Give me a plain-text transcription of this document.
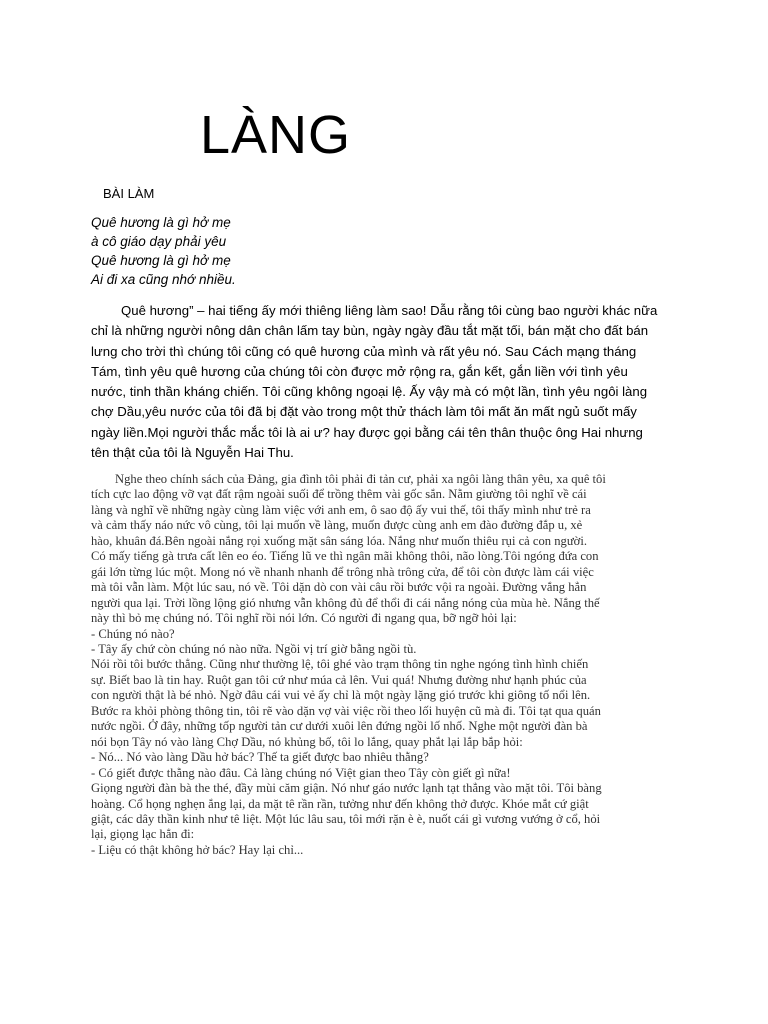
LÀNG

BÀI LÀM

Quê hương là gì hở mẹ
à cô giáo dạy phải yêu
Quê hương là gì hở mẹ
Ai đi xa cũng nhớ nhiều.
Quê hương” – hai tiếng ấy mới thiêng liêng làm sao! Dẫu rằng tôi cùng bao người khác nữa
chỉ là những người nông dân chân lấm tay bùn, ngày ngày đầu tắt mặt tối, bán mặt cho đất bán
lưng cho trời thì chúng tôi cũng có quê hương của mình và rất yêu nó. Sau Cách mạng tháng
Tám, tình yêu quê hương của chúng tôi còn được mở rộng ra, gắn kết, gắn liền với tình yêu
nước, tinh thần kháng chiến. Tôi cũng không ngoại lệ. Ấy vậy mà có một lần, tình yêu ngôi làng
chợ Dầu,yêu nước của tôi đã bị đặt vào trong một thử thách làm tôi mất ăn mất ngủ suốt mấy
ngày liền.Mọi người thắc mắc tôi là ai ư? hay được gọi bằng cái tên thân thuộc ông Hai nhưng
tên thật của tôi là Nguyễn Hai Thu.
Nghe theo chính sách của Đảng, gia đình tôi phải đi tản cư, phải xa ngôi làng thân yêu, xa quê tôi
tích cực lao động vỡ vạt đất rậm ngoài suối để trồng thêm vài gốc sắn. Nằm giường tôi nghĩ về cái
làng và nghĩ về những ngày cùng làm việc với anh em, ô sao độ ấy vui thế, tôi thấy mình như trẻ ra
và cảm thấy náo nức vô cùng, tôi lại muốn về làng, muốn được cùng anh em đào đường đắp u, xẻ
hào, khuân đá.Bên ngoài nắng rọi xuống mặt sân sáng lóa. Nắng như muốn thiêu rụi cả con người.
Có mấy tiếng gà trưa cất lên eo éo. Tiếng lũ ve thì ngân mãi không thôi, não lòng.Tôi ngóng đứa con
gái lớn từng lúc một. Mong nó về nhanh nhanh để trông nhà trông cửa, để tôi còn được làm cái việc
mà tôi vẫn làm. Một lúc sau, nó về. Tôi dặn dò con vài câu rồi bước vội ra ngoài. Đường vắng hẳn
người qua lại. Trời lồng lộng gió nhưng vẫn không đủ để thổi đi cái nắng nóng của mùa hè. Nắng thế
này thì bỏ mẹ chúng nó. Tôi nghĩ rồi nói lớn. Có người đi ngang qua, bỡ ngỡ hỏi lại:
- Chúng nó nào?
- Tây ấy chứ còn chúng nó nào nữa. Ngồi vị trí giờ bằng ngồi tù.
Nói rồi tôi bước thẳng. Cũng như thường lệ, tôi ghé vào trạm thông tin nghe ngóng tình hình chiến
sự. Biết bao là tin hay. Ruột gan tôi cứ như múa cả lên. Vui quá! Nhưng đường như hạnh phúc của
con người thật là bé nhỏ. Ngờ đâu cái vui vẻ ấy chỉ là một ngày lặng gió trước khi giông tố nổi lên.
Bước ra khỏi phòng thông tin, tôi rẽ vào dặn vợ vài việc rồi theo lối huyện cũ mà đi. Tôi tạt qua quán
nước ngồi. Ở đây, những tốp người tản cư dưới xuôi lên đứng ngồi lố nhố. Nghe một người đàn bà
nói bọn Tây nó vào làng Chợ Dầu, nó khủng bố, tôi lo lắng, quay phắt lại lắp bắp hỏi:
- Nó... Nó vào làng Dầu hở bác? Thế ta giết được bao nhiêu thằng?
- Có giết được thằng nào đâu. Cả làng chúng nó Việt gian theo Tây còn giết gì nữa!
Giọng người đàn bà the thé, đầy mùi căm giận. Nó như gáo nước lạnh tạt thẳng vào mặt tôi. Tôi bàng
hoàng. Cổ họng nghẹn ắng lại, da mặt tê rần rần, tưởng như đến không thở được. Khóe mắt cứ giật
giật, các dây thần kinh như tê liệt. Một lúc lâu sau, tôi mới rặn è è, nuốt cái gì vương vướng ở cổ, hỏi
lại, giọng lạc hẳn đi:
- Liệu có thật không hở bác? Hay lại chỉ...
